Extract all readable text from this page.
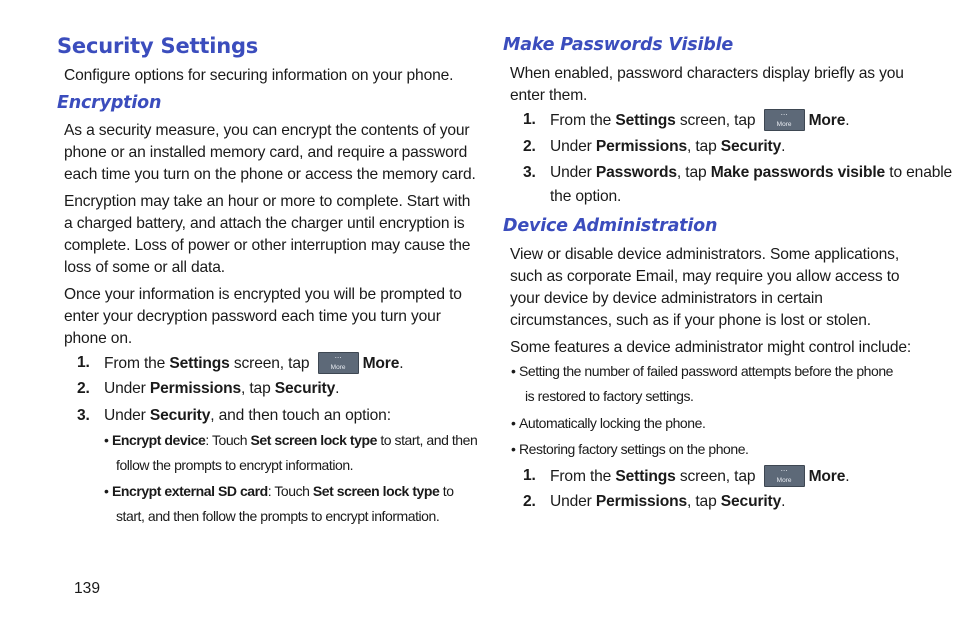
Security Settings
Configure options for securing information on your phone.
Encryption
As a security measure, you can encrypt the contents of your
phone or an installed memory card, and require a password
each time you turn on the phone or access the memory card.
Encryption may take an hour or more to complete. Start with
a charged battery, and attach the charger until encryption is
complete. Loss of power or other interruption may cause the
loss of some or all data.
Once your information is encrypted you will be prompted to
enter your decryption password each time you turn your
phone on.
1. From the Settings screen, tap	⋯
More	More.
2. Under Permissions, tap Security.
3. Under Security, and then touch an option:
• Encrypt device: Touch Set screen lock type to start, and then
follow the prompts to encrypt information.
• Encrypt external SD card: Touch Set screen lock type to
start, and then follow the prompts to encrypt information.
Make Passwords Visible
When enabled, password characters display briefly as you
enter them.
1. From the Settings screen, tap	⋯
More	More.
2. Under Permissions, tap Security.
3. Under Passwords, tap Make passwords visible to enable
the option.
Device Administration
View or disable device administrators. Some applications,
such as corporate Email, may require you allow access to
your device by device administrators in certain
circumstances, such as if your phone is lost or stolen.
Some features a device administrator might control include:
• Setting the number of failed password attempts before the phone
is restored to factory settings.
• Automatically locking the phone.
• Restoring factory settings on the phone.
1. From the Settings screen, tap	⋯
More	More.
2. Under Permissions, tap Security.
139
